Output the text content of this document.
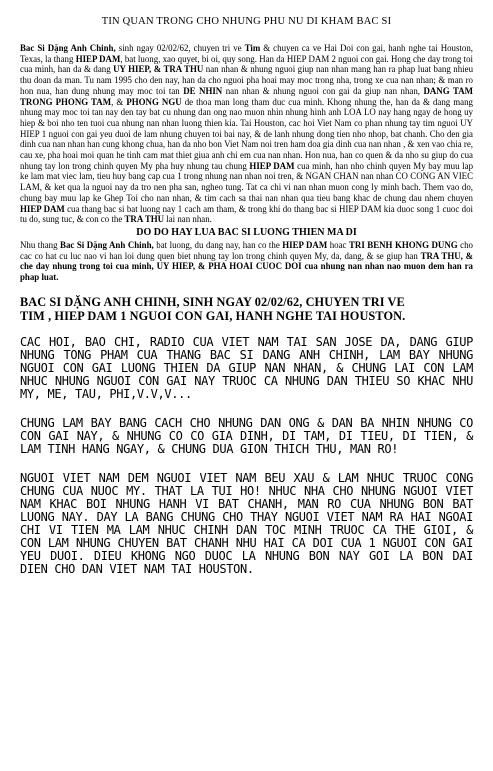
TIN QUAN TRONG CHO NHUNG PHU NU DI KHAM BAC SI

Bac Si Dặng Anh Chinh, sinh ngay 02/02/62, chuyen tri ve Tim & chuyen ca ve Hai Doi con gai, hanh nghe tai Houston, Texas, la thang HIEP DAM, bat luong, xao quyet, bi oi, quy song. Han da HIEP DAM 2 nguoi con gai. Hong che day trong toi cua minh, han da & dang UY HIEP, & TRA THU nan nhan & nhung nguoi giup nan nhan mang han ra phap luat bang nhieu thu doan da man. Tu nam 1995 cho den nay, han da cho nguoi pha hoai may moc trong nha, trong xe cua nan nhan; & man ro hon nua, han dung nhung may moc toi tan DE NHIN nan nhan & nhung nguoi con gai da giup nan nhan, DANG TAM TRONG PHONG TAM, & PHONG NGU de thoa man long tham duc cua minh. Khong nhung the, han da & dang mang nhung may moc toi tan nay den tay bat cu nhung dan ong nao muon nhin nhung hinh anh LOA LO nay hang ngay de hong uy hiep & boi nho ten tuoi cua nhung nan nhan luong thien kia. Tai Houston, cac hoi Viet Nam co phan nhung tay tim nguoi UY HIEP 1 nguoi con gai yeu duoi de lam nhung chuyen toi bai nay, & de lanh nhung dong tien nho nhop, bat chanh. Cho den gia dinh cua nan nhan han cung khong chua, han da nho bon Viet Nam noi tren ham doa gia dinh cua nan nhan , & xen vao chia re, cau xe, pha hoai moi quan he tinh cam mat thiet giua anh chi em cua nan nhan. Hon nua, han co quen & da nho su giup do cua nhung tay lon trong chinh quyen My pha huy nhung tau chung HIEP DAM cua minh, han nho chinh quyen My bay muu lap ke lam mat viec lam, tieu huy bang cap cua 1 trong nhung nan nhan noi tren, & NGAN CHAN nan nhan CO CONG AN VIEC LAM, & ket qua la nguoi nay da tro nen pha san, ngheo tung. Tat ca chi vi nan nhan muon cong ly minh bach. Them vao do, chung bay muu lap ke Ghep Toi cho nan nhan, & tim cach sa thai nan nhan qua tieu bang khac de chung dau nhem chuyen HIEP DAM cua thang bac si bat luong nay 1 cach am tham, & trong khi do thang bac si HIEP DAM kia duoc song 1 cuoc doi tu do, sung tuc, & con co the TRA THU lai nan nhan.

DO DO HAY LUA BAC SI LUONG THIEN MA DI

Nhu thang Bac Si Dặng Anh Chinh, bat luong, du dang nay, han co the HIEP DAM hoac TRI BENH KHONG DUNG cho cac co hat cu luc nao vi han loi dung quen biet nhung tay lon trong chinh quyen My, da, dang, & se giup han TRA THU, & che day nhung trong toi cua minh, UY HIEP, & PHA HOAI CUOC DOI cua nhung nan nhan nao muon dem han ra phap luat.

BAC SI DẶNG ANH CHINH, SINH NGAY 02/02/62, CHUYEN TRI VE
TIM , HIEP DAM 1 NGUOI CON GAI, HANH NGHE TAI HOUSTON.

CAC HOI, BAO CHI, RADIO CUA VIET NAM TAI SAN JOSE DA, DANG GIUP NHUNG TONG PHAM CUA THANG BAC SI DANG ANH CHINH, LAM BAY NHUNG NGUOI CON GAI LUONG THIEN DA GIUP NAN NHAN, & CHUNG LAI CON LAM NHUC NHUNG NGUOI CON GAI NAY TRUOC CA NHUNG DAN THIEU SO KHAC NHU MY, ME, TAU, PHI,V.V,V...

CHUNG LAM BAY BANG CACH CHO NHUNG DAN ONG & DAN BA NHIN NHUNG CO CON GAI NAY, & NHUNG CO CO GIA DINH, DI TAM, DI TIEU, DI TIEN, & LAM TINH HANG NGAY, & CHUNG DUA GION THICH THU, MAN RO!

NGUOI VIET NAM DEM NGUOI VIET NAM BEU XAU & LAM NHUC TRUOC CONG CHUNG CUA NUOC MY. THAT LA TUI HO! NHUC NHA CHO NHUNG NGUOI VIET NAM KHAC BOI NHUNG HANH VI BAT CHANH, MAN RO CUA NHUNG BON BAT LUONG NAY. DAY LA BANG CHUNG CHO THAY NGUOI VIET NAM RA HAI NGOAI CHI VI TIEN MA LAM NHUC CHINH DAN TOC MINH TRUOC CA THE GIOI, & CON LAM NHUNG CHUYEN BAT CHANH NHU HAI CA DOI CUA 1 NGUOI CON GAI YEU DUOI. DIEU KHONG NGO DUOC LA NHUNG BON NAY GOI LA BON DAI DIEN CHO DAN VIET NAM TAI HOUSTON.
